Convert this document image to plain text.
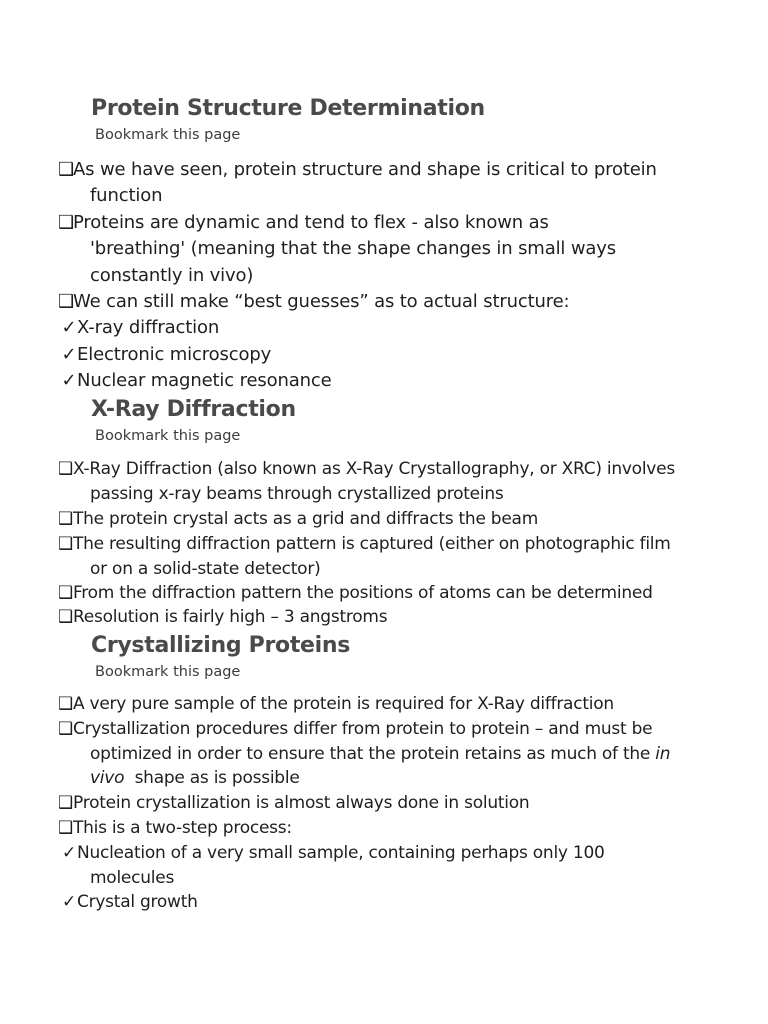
Protein Structure Determination
Bookmark this page
❑As we have seen, protein structure and shape is critical to protein
function
❑Proteins are dynamic and tend to flex - also known as
'breathing' (meaning that the shape changes in small ways
constantly in vivo)
❑We can still make “best guesses” as to actual structure:
✓X-ray diffraction
✓Electronic microscopy
✓Nuclear magnetic resonance
X-Ray Diffraction
Bookmark this page
❑X-Ray Diffraction (also known as X-Ray Crystallography, or XRC) involves
passing x-ray beams through crystallized proteins
❑The protein crystal acts as a grid and diffracts the beam
❑The resulting diffraction pattern is captured (either on photographic film
or on a solid-state detector)
❑From the diffraction pattern the positions of atoms can be determined
❑Resolution is fairly high – 3 angstroms
Crystallizing Proteins
Bookmark this page
❑A very pure sample of the protein is required for X-Ray diffraction
❑Crystallization procedures differ from protein to protein – and must be
optimized in order to ensure that the protein retains as much of the in
vivo shape as is possible
❑Protein crystallization is almost always done in solution
❑This is a two-step process:
✓Nucleation of a very small sample, containing perhaps only 100
molecules
✓Crystal growth
